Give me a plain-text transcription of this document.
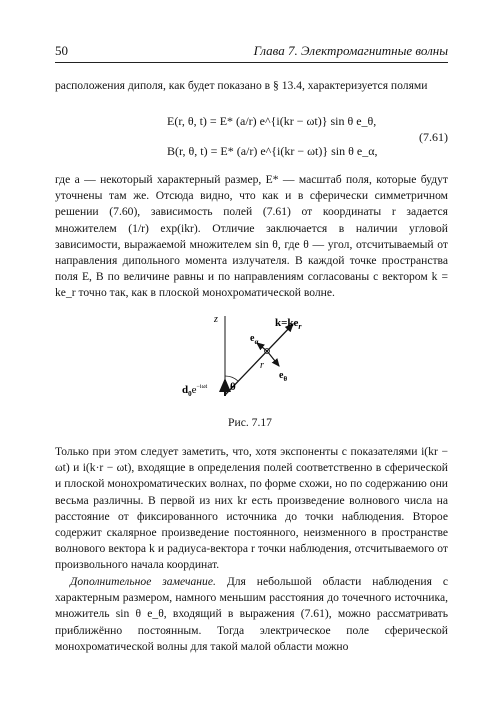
50	Глава 7. Электромагнитные волны

расположения диполя, как будет показано в § 13.4, характеризуется полями

E(r, θ, t) = E* (a/r) e^{i(kr − ωt)} sin θ e_θ,
B(r, θ, t) = E* (a/r) e^{i(kr − ωt)} sin θ e_α,
(7.61)

где a — некоторый характерный размер, E* — масштаб поля, которые будут уточнены там же. Отсюда видно, что как и в сферически симметричном решении (7.60), зависимость полей (7.61) от координаты r задается множителем (1/r) exp(ikr). Отличие заключается в наличии угловой зависимости, выражаемой множителем sin θ, где θ — угол, отсчитываемый от направления дипольного момента излучателя. В каждой точке пространства поля E, B по величине равны и по направлениям согласованы с вектором k = ke_r точно так, как в плоской монохроматической волне.

z	$k=ke_r$
$e_\alpha$
r
$e_\theta$
θ
$d_0e^{-i\omega t}$
Рис. 7.17

Только при этом следует заметить, что, хотя экспоненты с показателями i(kr − ωt) и i(k·r − ωt), входящие в определения полей соответственно в сферической и плоской монохроматических волнах, по форме схожи, но по содержанию они весьма различны. В первой из них kr есть произведение волнового числа на расстояние от фиксированного источника до точки наблюдения. Второе содержит скалярное произведение постоянного, неизменного в пространстве волнового вектора k и радиуса-вектора r точки наблюдения, отсчитываемого от произвольного начала координат.

Дополнительное замечание. Для небольшой области наблюдения с характерным размером, намного меньшим расстояния до точечного источника, множитель sin θ e_θ, входящий в выражения (7.61), можно рассматривать приближённо постоянным. Тогда электрическое поле сферической монохроматической волны для такой малой области можно
